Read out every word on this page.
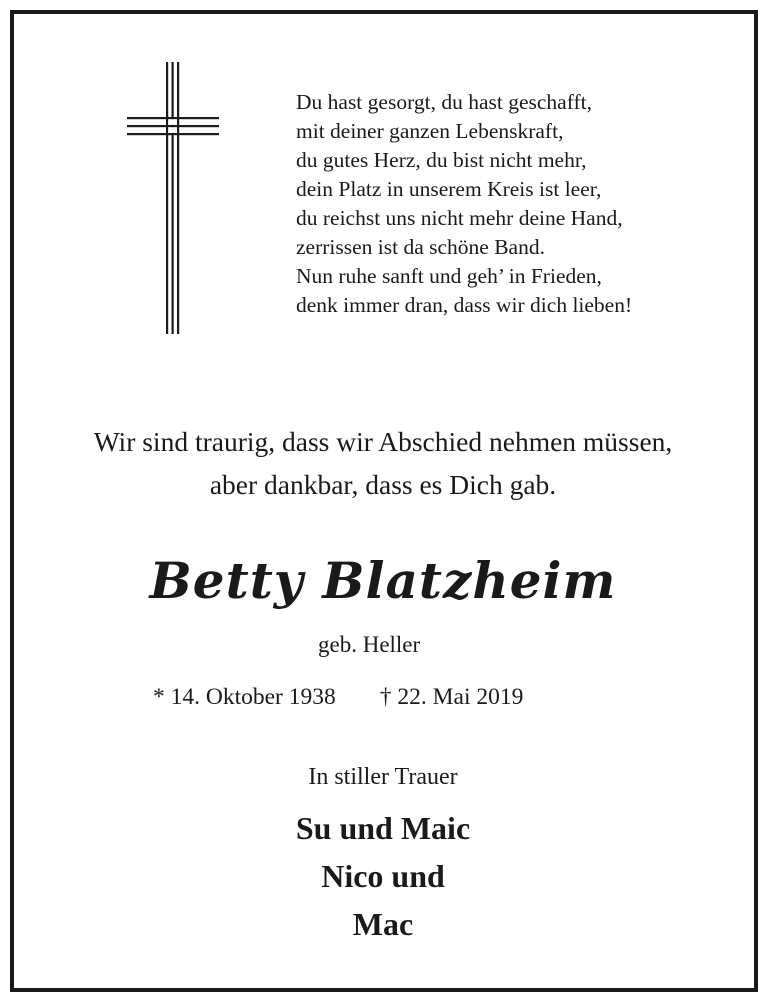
Du hast gesorgt, du hast geschafft,
mit deiner ganzen Lebenskraft,
du gutes Herz, du bist nicht mehr,
dein Platz in unserem Kreis ist leer,
du reichst uns nicht mehr deine Hand,
zerrissen ist da schöne Band.
Nun ruhe sanft und geh’ in Frieden,
denk immer dran, dass wir dich lieben!
Wir sind traurig, dass wir Abschied nehmen müssen,
aber dankbar, dass es Dich gab.
Betty Blatzheim
geb. Heller
* 14. Oktober 1938 † 22. Mai 2019
In stiller Trauer
Su und Maic
Nico und
Mac
